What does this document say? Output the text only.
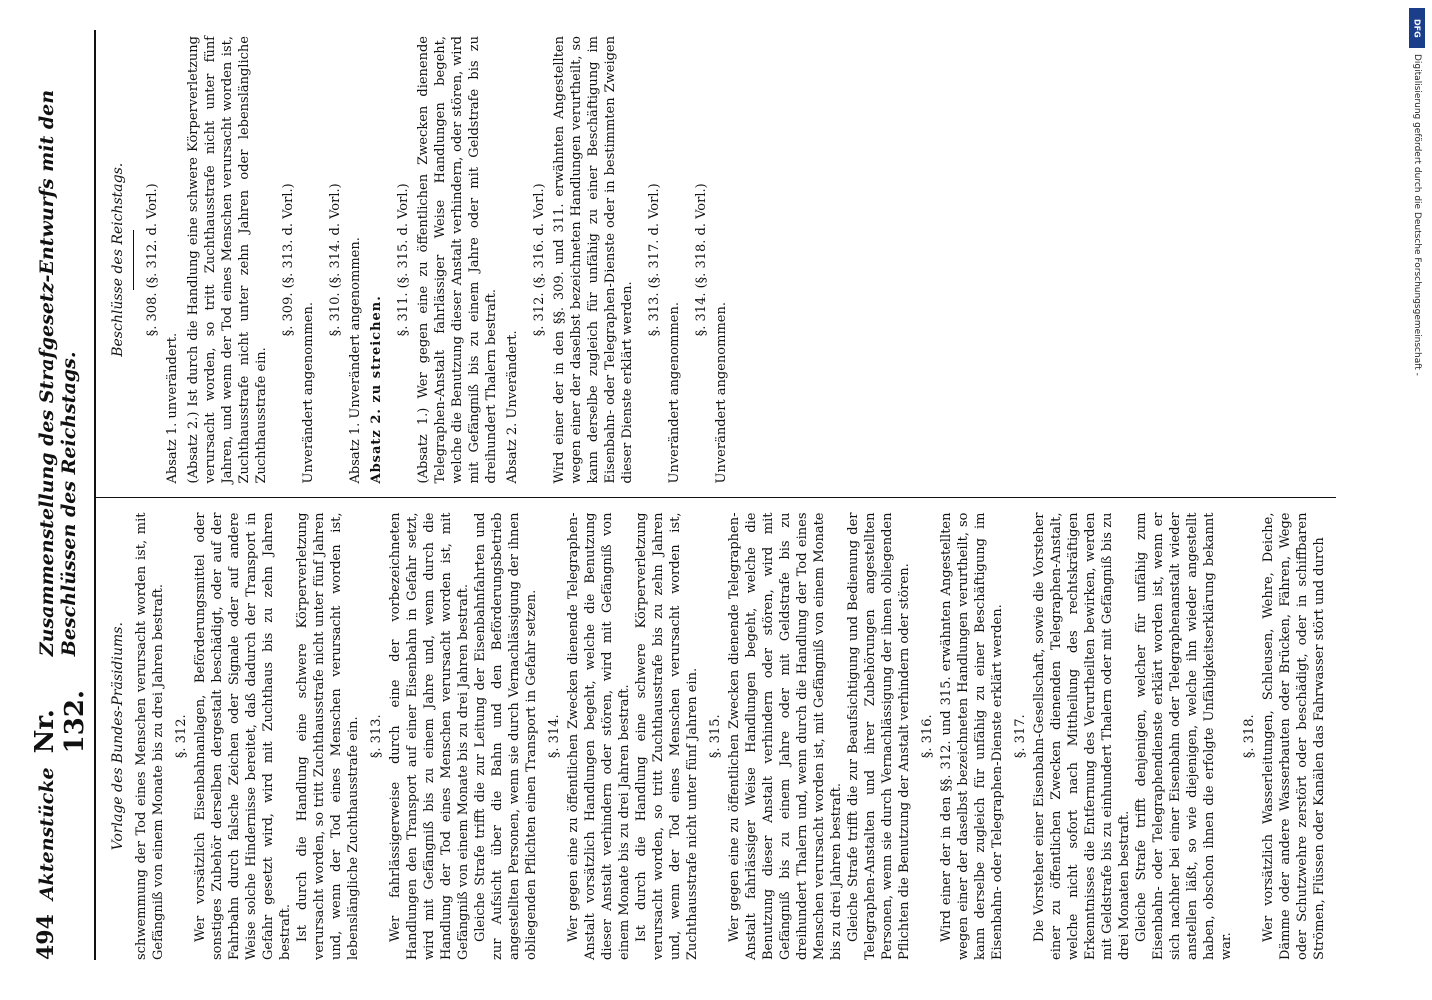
494
Aktenstücke
Nr. 132.
Zusammenstellung des Strafgesetz-Entwurfs mit den Beschlüssen des Reichstags.
Vorlage des Bundes-Präsidiums. schwemmung der Tod eines Menschen verursacht worden ist, mit Gefängniß von einem Monate bis zu drei Jahren bestraft. §. 312. Wer vorsätzlich Eisenbahnanlagen, Beförderungsmittel oder sonstiges Zubehör derselben dergestalt beschädigt, oder auf der Fahrbahn durch falsche Zeichen oder Signale oder auf andere Weise solche Hindernisse bereitet, daß dadurch der Transport in Gefahr gesetzt wird, wird mit Zuchthaus bis zu zehn Jahren bestraft. Ist durch die Handlung eine schwere Körperverletzung verursacht worden, so tritt Zuchthausstrafe nicht unter fünf Jahren und, wenn der Tod eines Menschen verursacht worden ist, lebenslängliche Zuchthausstrafe ein. §. 313. Wer fahrlässigerweise durch eine der vorbezeichneten Handlungen den Transport auf einer Eisenbahn in Gefahr setzt, wird mit Gefängniß bis zu einem Jahre und, wenn durch die Handlung der Tod eines Menschen verursacht worden ist, mit Gefängniß von einem Monate bis zu drei Jahren bestraft. Gleiche Strafe trifft die zur Leitung der Eisenbahnfahrten und zur Aufsicht über die Bahn und den Beförderungsbetrieb angestellten Personen, wenn sie durch Vernachlässigung der ihnen obliegenden Pflichten einen Transport in Gefahr setzen. §. 314. Wer gegen eine zu öffentlichen Zwecken dienende Telegraphen-Anstalt vorsätzlich Handlungen begeht, welche die Benutzung dieser Anstalt verhindern oder stören, wird mit Gefängniß von einem Monate bis zu drei Jahren bestraft. Ist durch die Handlung eine schwere Körperverletzung verursacht worden, so tritt Zuchthausstrafe bis zu zehn Jahren und, wenn der Tod eines Menschen verursacht worden ist, Zuchthausstrafe nicht unter fünf Jahren ein. §. 315. Wer gegen eine zu öffentlichen Zwecken dienende Telegraphen-Anstalt fahrlässiger Weise Handlungen begeht, welche die Benutzung dieser Anstalt verhindern oder stören, wird mit Gefängniß bis zu einem Jahre oder mit Geldstrafe bis zu dreihundert Thalern und, wenn durch die Handlung der Tod eines Menschen verursacht worden ist, mit Gefängniß von einem Monate bis zu drei Jahren bestraft. Gleiche Strafe trifft die zur Beaufsichtigung und Bedienung der Telegraphen-Anstalten und ihrer Zubehörungen angestellten Personen, wenn sie durch Vernachlässigung der ihnen obliegenden Pflichten die Benutzung der Anstalt verhindern oder stören. §. 316. Wird einer der in den §§. 312. und 315. erwähnten Angestellten wegen einer der daselbst bezeichneten Handlungen verurtheilt, so kann derselbe zugleich für unfähig zu einer Beschäftigung im Eisenbahn- oder Telegraphen-Dienste erklärt werden. §. 317. Die Vorsteher einer Eisenbahn-Gesellschaft, sowie die Vorsteher einer zu öffentlichen Zwecken dienenden Telegraphen-Anstalt, welche nicht sofort nach Mittheilung des rechtskräftigen Erkenntnisses die Entfernung des Verurtheilten bewirken, werden mit Geldstrafe bis zu einhundert Thalern oder mit Gefängniß bis zu drei Monaten bestraft. Gleiche Strafe trifft denjenigen, welcher für unfähig zum Eisenbahn- oder Telegraphendienste erklärt worden ist, wenn er sich nachher bei einer Eisenbahn oder Telegraphenanstalt wieder anstellen läßt, so wie diejenigen, welche ihn wieder angestellt haben, obschon ihnen die erfolgte Unfähigkeitserklärung bekannt war.

§. 318. Wer vorsätzlich Wasserleitungen, Schleusen, Wehre, Deiche, Dämme oder andere Wasserbauten oder Brücken, Fähren, Wege oder Schutzwehre zerstört oder beschädigt, oder in schiffbaren Strömen, Flüssen oder Kanälen das Fahrwasser stört und durch

Beschlüsse des Reichstags. §. 308. (§. 312. d. Vorl.)

Absatz 1. unverändert. (Absatz 2.) Ist durch die Handlung eine schwere Körperverletzung verursacht worden, so tritt Zuchthausstrafe nicht unter fünf Jahren, und wenn der Tod eines Menschen verursacht worden ist, Zuchthausstrafe nicht unter zehn Jahren oder lebenslängliche Zuchthausstrafe ein.

§. 309. (§. 313. d. Vorl.)

Unverändert angenommen.

§. 310. (§. 314. d. Vorl.) Absatz 1. Unverändert angenommen. Absatz 2. zu streichen.

§. 311. (§. 315. d. Vorl.) (Absatz 1.) Wer gegen eine zu öffentlichen Zwecken dienende Telegraphen-Anstalt fahrlässiger Weise Handlungen begeht, welche die Benutzung dieser Anstalt verhindern, oder stören, wird mit Gefängniß bis zu einem Jahre oder mit Geldstrafe bis zu dreihundert Thalern bestraft. Absatz 2. Unverändert.

§. 312. (§. 316. d. Vorl.) Wird einer der in den §§. 309. und 311. erwähnten Angestellten wegen einer der daselbst bezeichneten Handlungen verurtheilt, so kann derselbe zugleich für unfähig zu einer Beschäftigung im Eisenbahn- oder Telegraphen-Dienste oder in bestimmten Zweigen dieser Dienste erklärt werden.

§. 313. (§. 317. d. Vorl.)

Unverändert angenommen.

§. 314. (§. 318. d. Vorl.)

Unverändert angenommen.

DFG
Digitalisierung gefördert durch die Deutsche Forschungsgemeinschaft -
